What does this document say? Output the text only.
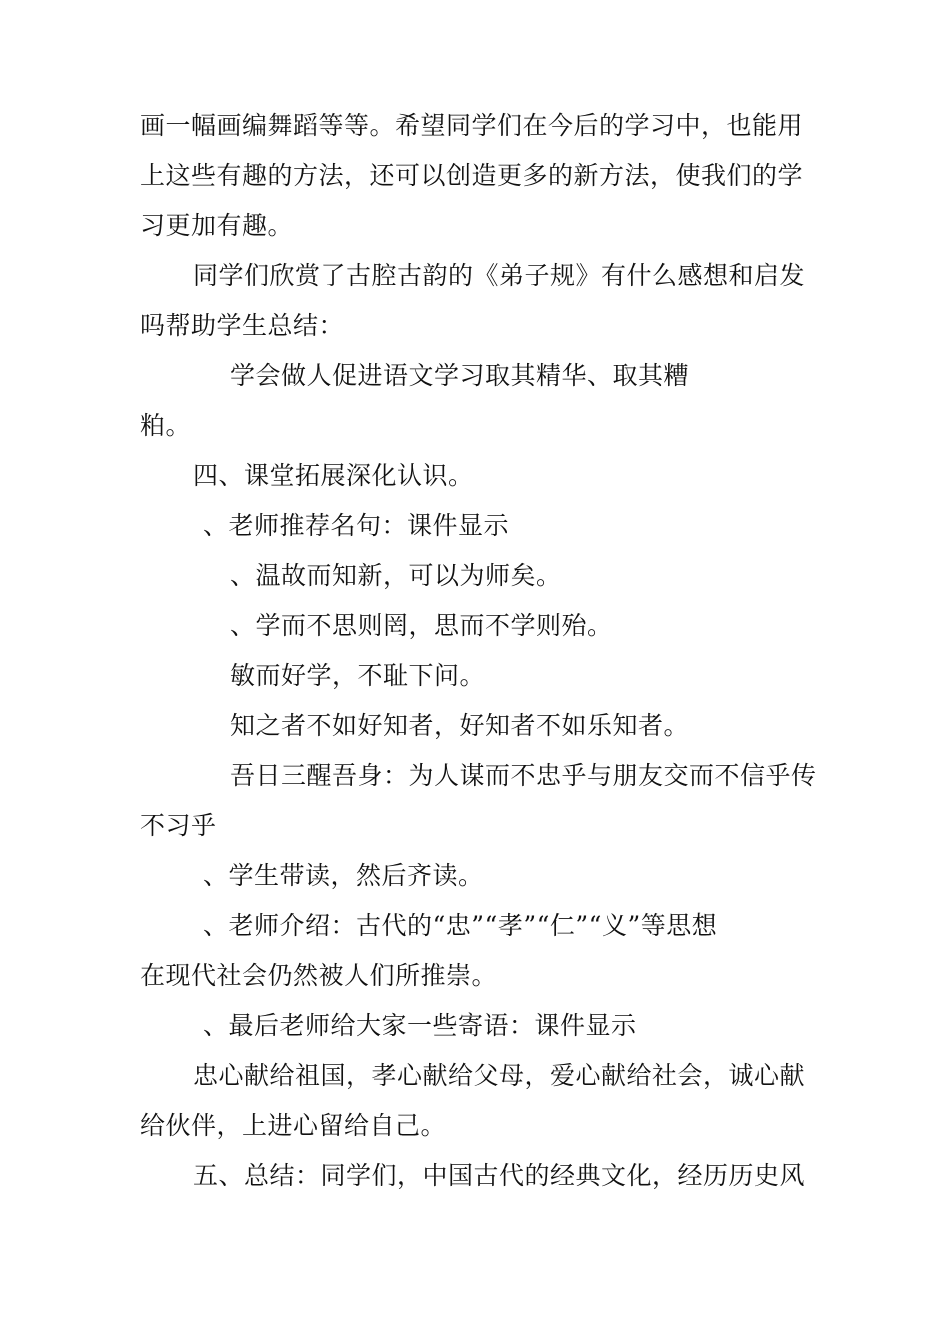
画一幅画编舞蹈等等。希望同学们在今后的学习中，也能用
上这些有趣的方法，还可以创造更多的新方法，使我们的学
习更加有趣。
同学们欣赏了古腔古韵的《弟子规》有什么感想和启发
吗帮助学生总结：
学会做人促进语文学习取其精华、取其糟
粕。
四、课堂拓展深化认识。
、老师推荐名句：课件显示
、温故而知新，可以为师矣。
、学而不思则罔，思而不学则殆。
敏而好学，不耻下问。
知之者不如好知者，好知者不如乐知者。
吾日三醒吾身：为人谋而不忠乎与朋友交而不信乎传
不习乎
、学生带读，然后齐读。
、老师介绍：古代的“忠”“孝”“仁”“义”等思想
在现代社会仍然被人们所推崇。
、最后老师给大家一些寄语：课件显示
忠心献给祖国，孝心献给父母，爱心献给社会，诚心献
给伙伴，上进心留给自己。
五、总结：同学们，中国古代的经典文化，经历历史风
